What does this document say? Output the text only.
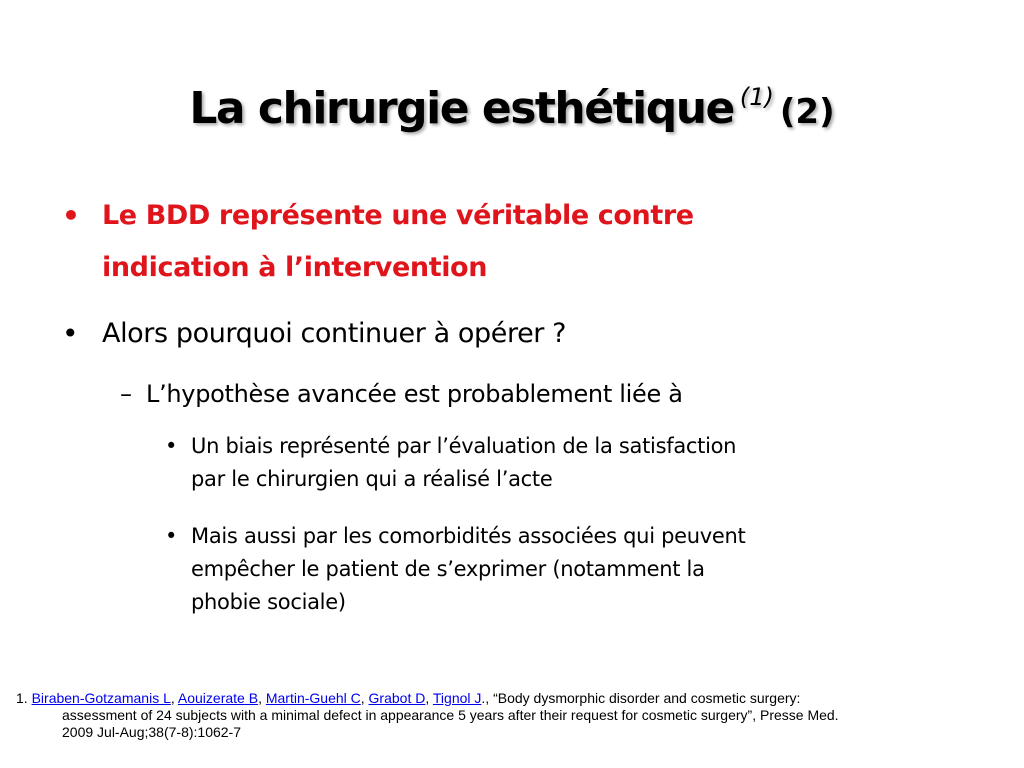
La chirurgie esthétique $^{(1)}$ (2)
• Le BDD représente une véritable contre
indication à l’intervention
• Alors pourquoi continuer à opérer ?
– L’hypothèse avancée est probablement liée à
• Un biais représenté par l’évaluation de la satisfaction
par le chirurgien qui a réalisé l’acte
• Mais aussi par les comorbidités associées qui peuvent
empêcher le patient de s’exprimer (notamment la
phobie sociale)
1. Biraben-Gotzamanis L, Aouizerate B, Martin-Guehl C, Grabot D, Tignol J., “Body dysmorphic disorder and cosmetic surgery:
assessment of 24 subjects with a minimal defect in appearance 5 years after their request for cosmetic surgery”, Presse Med.
2009 Jul-Aug;38(7-8):1062-7
